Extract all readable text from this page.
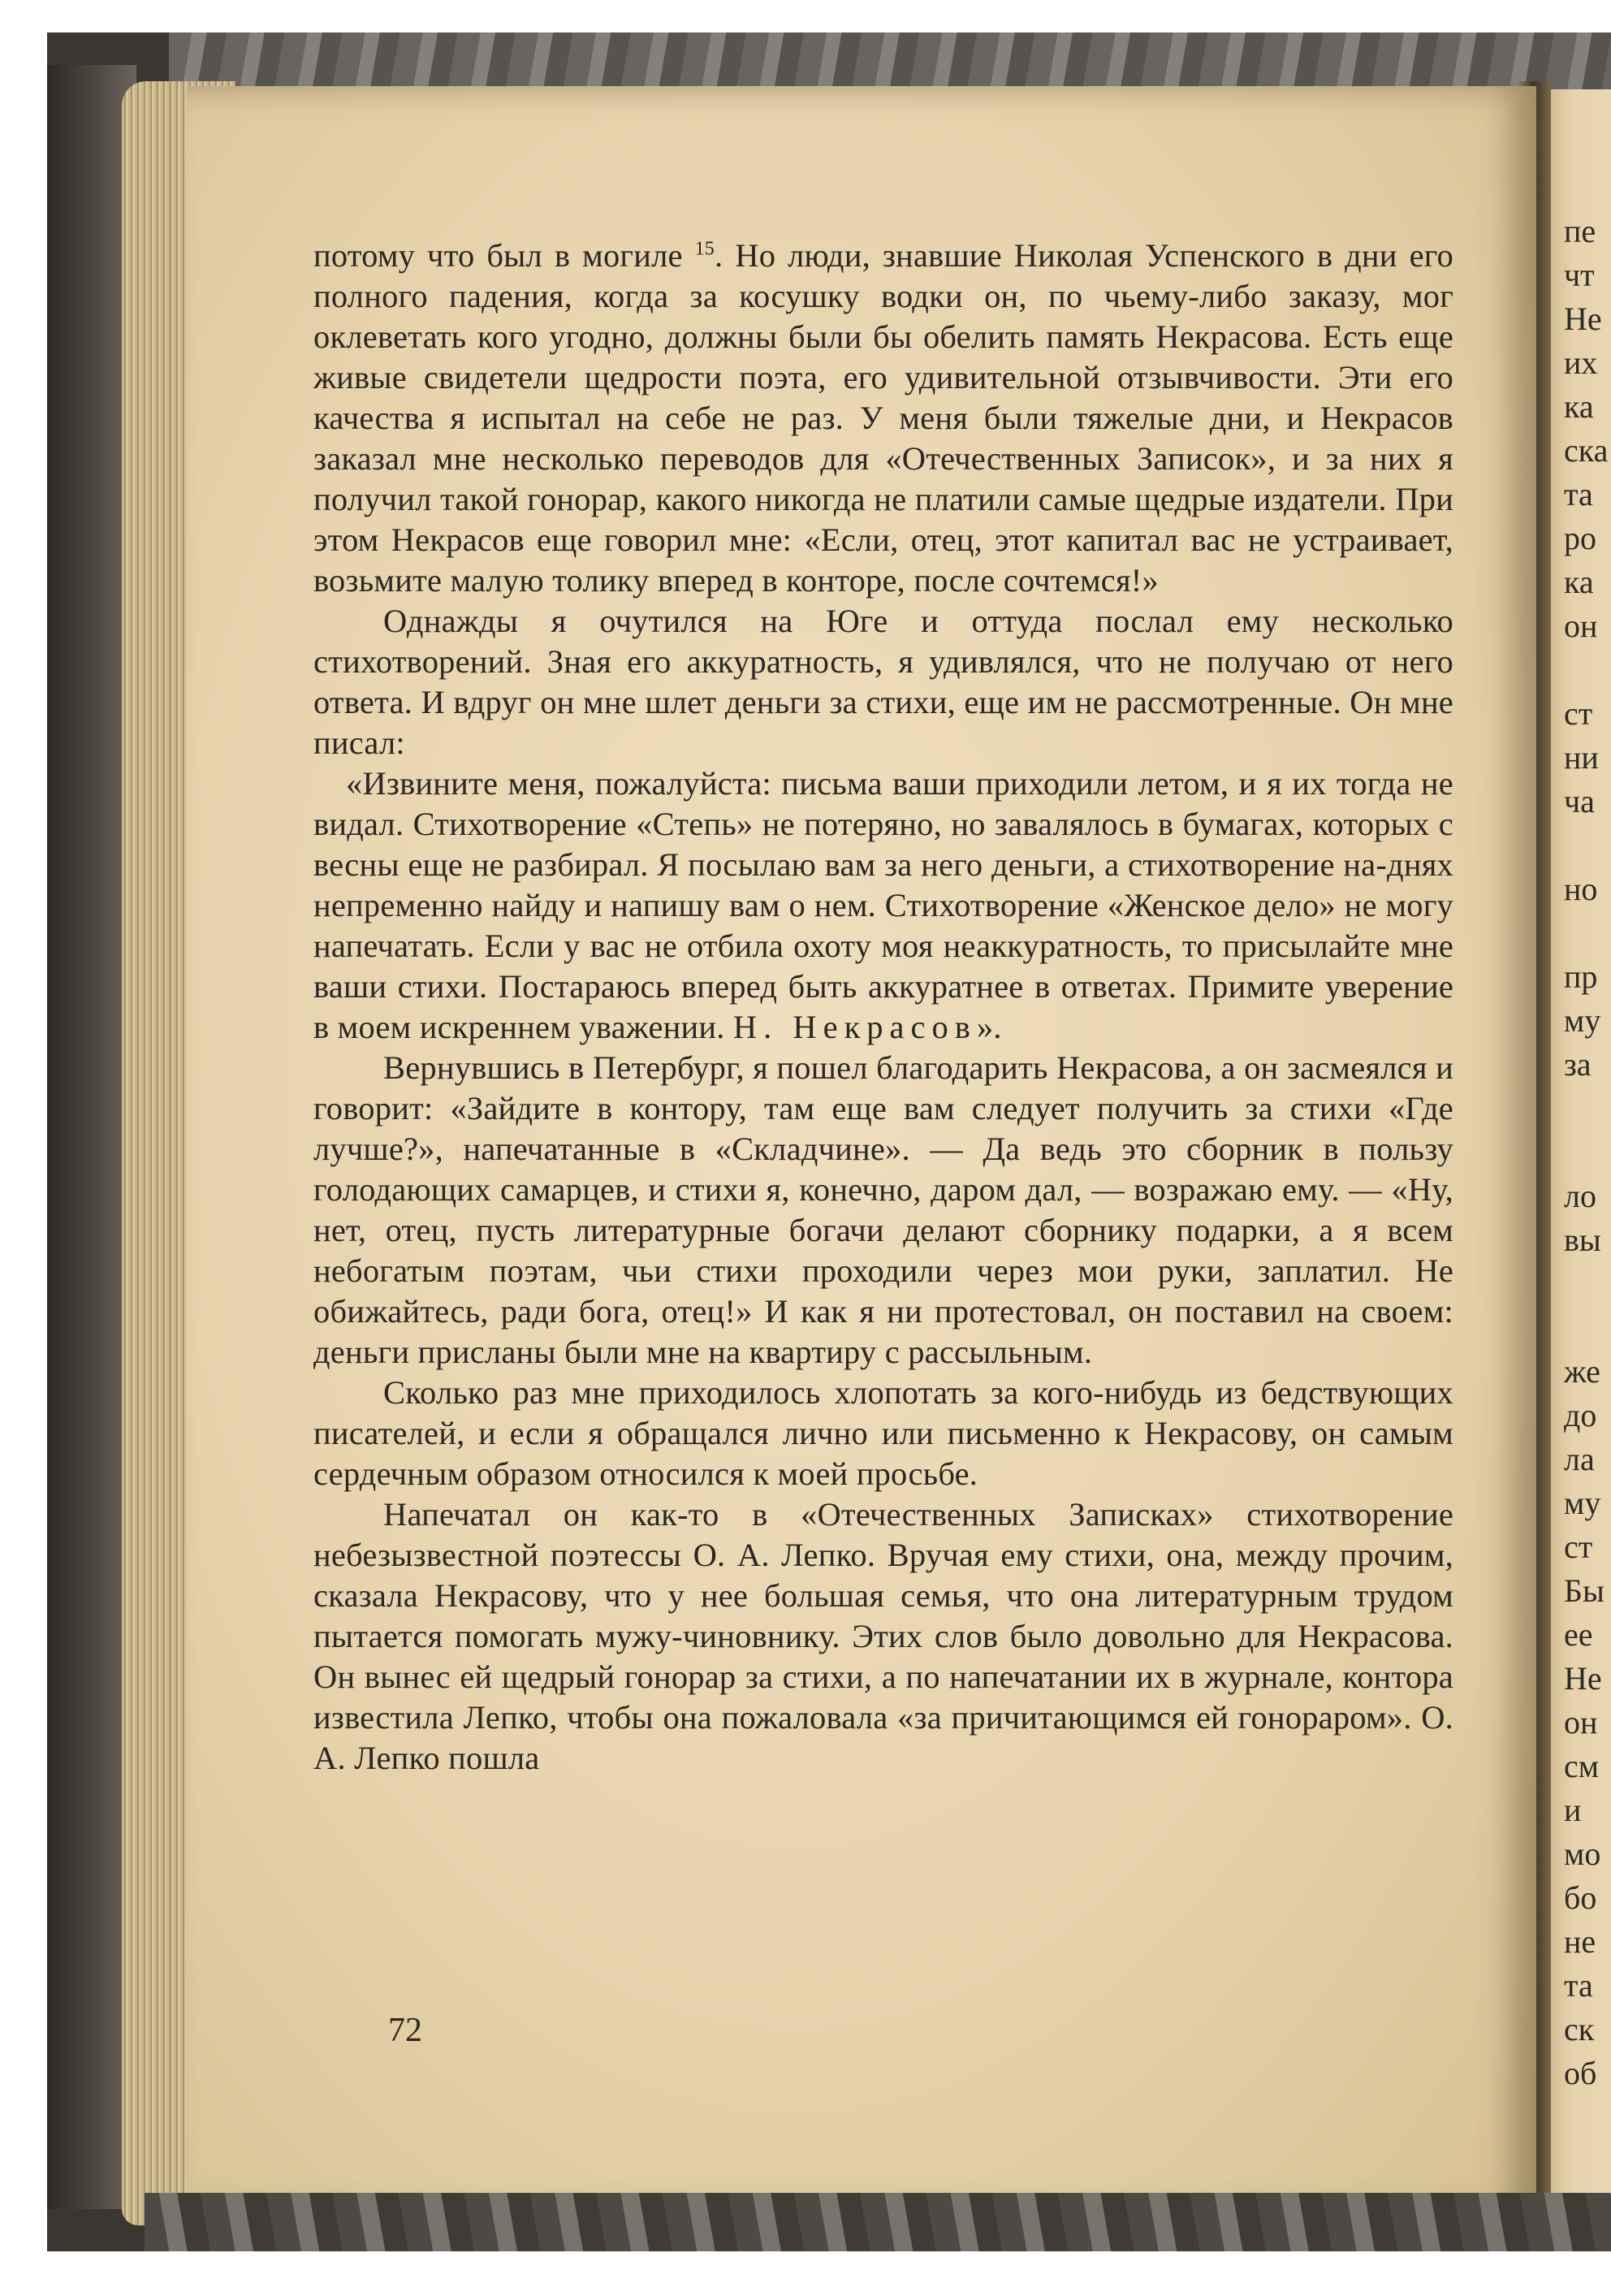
пе
чт
Не
их
ка
ска
та
ро
ка
он
ст
ни
ча
но
пр
му
за
ло
вы
же
до
ла
му
ст
Бы
ее
Не
он
см
и
мо
бо
не
та
ск
об

потому что был в могиле $^{15}$. Но люди, знавшие Николая Успенского в дни его полного падения, когда за косушку водки он, по чьему-либо заказу, мог оклеветать кого угодно, должны были бы обелить память Некрасова. Есть еще живые свидетели щедрости поэта, его удивительной отзывчивости. Эти его качества я испытал на себе не раз. У меня были тяжелые дни, и Некрасов заказал мне несколько переводов для «Отечественных Записок», и за них я получил такой гонорар, какого никогда не платили самые щедрые издатели. При этом Некрасов еще говорил мне: «Если, отец, этот капитал вас не устраивает, возьмите малую толику вперед в конторе, после сочтемся!»

Однажды я очутился на Юге и оттуда послал ему несколько стихотворений. Зная его аккуратность, я удивлялся, что не получаю от него ответа. И вдруг он мне шлет деньги за стихи, еще им не рассмотренные. Он мне писал:

«Извините меня, пожалуйста: письма ваши приходили летом, и я их тогда не видал. Стихотворение «Степь» не потеряно, но завалялось в бумагах, которых с весны еще не разбирал. Я посылаю вам за него деньги, а стихотворение на-днях непременно найду и напишу вам о нем. Стихотворение «Женское дело» не могу напечатать. Если у вас не отбила охоту моя неаккуратность, то присылайте мне ваши стихи. Постараюсь вперед быть аккуратнее в ответах. Примите уверение в моем искреннем уважении. Н. Некрасов».

Вернувшись в Петербург, я пошел благодарить Некрасова, а он засмеялся и говорит: «Зайдите в контору, там еще вам следует получить за стихи «Где лучше?», напечатанные в «Складчине». — Да ведь это сборник в пользу голодающих самарцев, и стихи я, конечно, даром дал, — возражаю ему. — «Ну, нет, отец, пусть литературные богачи делают сборнику подарки, а я всем небогатым поэтам, чьи стихи проходили через мои руки, заплатил. Не обижайтесь, ради бога, отец!» И как я ни протестовал, он поставил на своем: деньги присланы были мне на квартиру с рассыльным.

Сколько раз мне приходилось хлопотать за кого-нибудь из бедствующих писателей, и если я обращался лично или письменно к Некрасову, он самым сердечным образом относился к моей просьбе.

Напечатал он как-то в «Отечественных Записках» стихотворение небезызвестной поэтессы О. А. Лепко. Вручая ему стихи, она, между прочим, сказала Некрасову, что у нее большая семья, что она литературным трудом пытается помогать мужу-чиновнику. Этих слов было довольно для Некрасова. Он вынес ей щедрый гонорар за стихи, а по напечатании их в журнале, контора известила Лепко, чтобы она пожаловала «за причитающимся ей гонораром». О. А. Лепко пошла

72
